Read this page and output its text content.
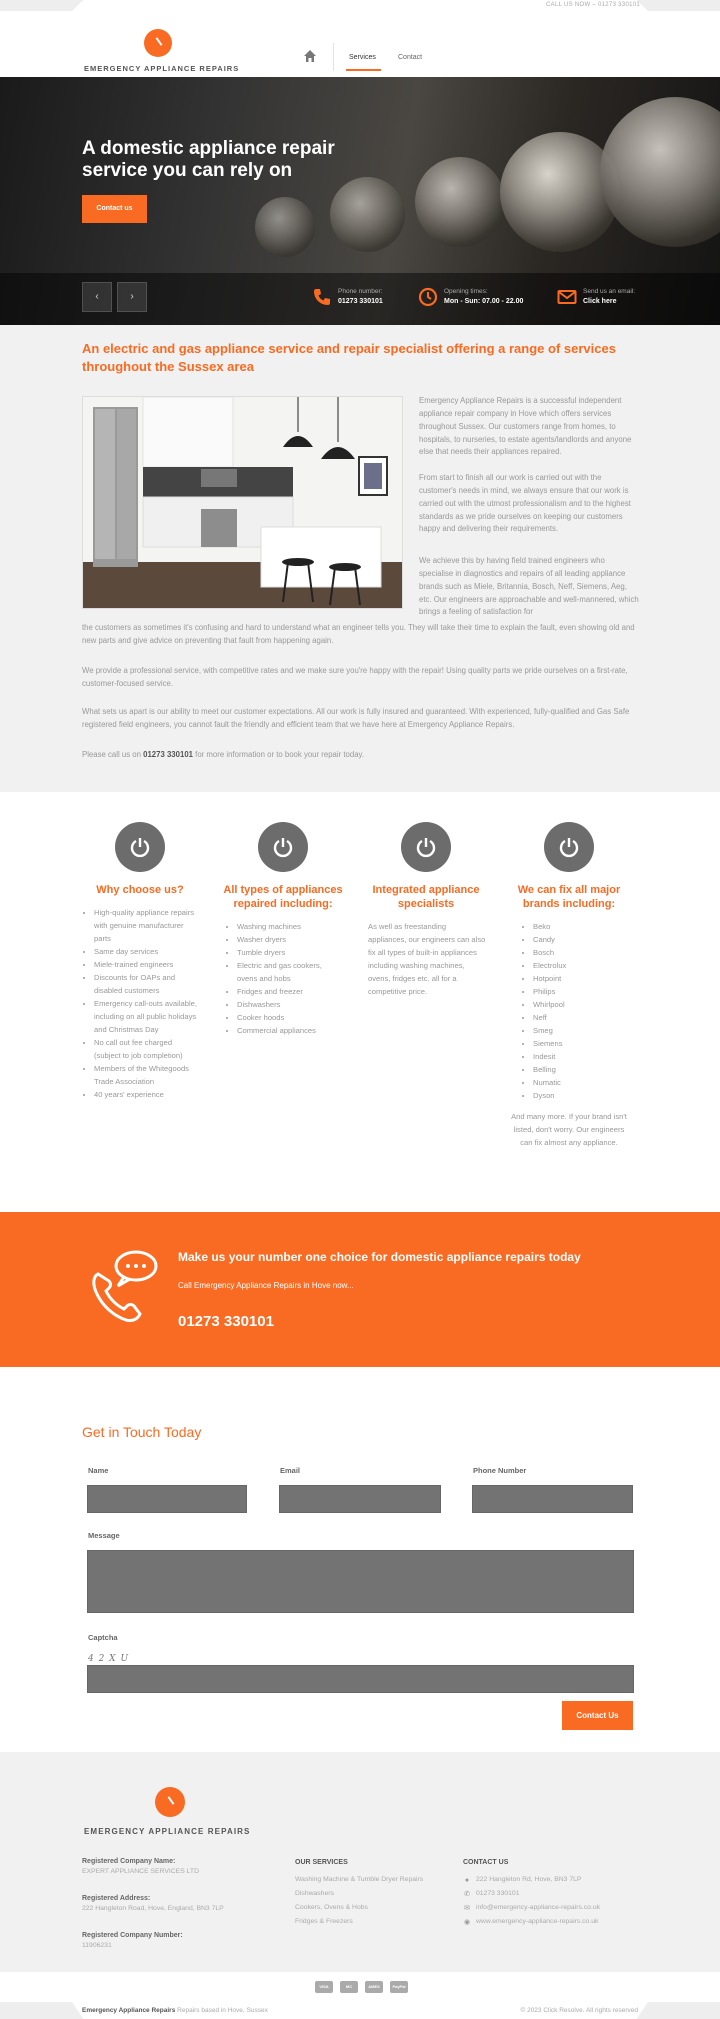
CALL US NOW – 01273 330101
EMERGENCY APPLIANCE REPAIRS
Services	Contact
A domestic appliance repair service you can rely on
Contact us
‹	›	Phone number:
01273 330101
Opening times:
Mon - Sun: 07.00 - 22.00
Send us an email:
Click here
An electric and gas appliance service and repair specialist offering a range of services throughout the Sussex area
Emergency Appliance Repairs is a successful independent appliance repair company in Hove which offers services throughout Sussex. Our customers range from homes, to hospitals, to nurseries, to estate agents/landlords and anyone else that needs their appliances repaired.
From start to finish all our work is carried out with the customer's needs in mind, we always ensure that our work is carried out with the utmost professionalism and to the highest standards as we pride ourselves on keeping our customers happy and delivering their requirements.
We achieve this by having field trained engineers who specialise in diagnostics and repairs of all leading appliance brands such as Miele, Britannia, Bosch, Neff, Siemens, Aeg, etc. Our engineers are approachable and well-mannered, which brings a feeling of satisfaction for
the customers as sometimes it's confusing and hard to understand what an engineer tells you. They will take their time to explain the fault, even showing old and new parts and give advice on preventing that fault from happening again.
We provide a professional service, with competitive rates and we make sure you're happy with the repair! Using quality parts we pride ourselves on a first-rate, customer-focused service.
What sets us apart is our ability to meet our customer expectations. All our work is fully insured and guaranteed. With experienced, fully-qualified and Gas Safe registered field engineers, you cannot fault the friendly and efficient team that we have here at Emergency Appliance Repairs.
Please call us on 01273 330101 for more information or to book your repair today.
Why choose us?
• High-quality appliance repairs with genuine manufacturer parts
• Same day services
• Miele-trained engineers
• Discounts for OAPs and disabled customers
• Emergency call-outs available, including on all public holidays and Christmas Day
• No call out fee charged (subject to job completion)
• Members of the Whitegoods Trade Association
• 40 years' experience
All types of appliances repaired including:
• Washing machines
• Washer dryers
• Tumble dryers
• Electric and gas cookers, ovens and hobs
• Fridges and freezer
• Dishwashers
• Cooker hoods
• Commercial appliances
Integrated appliance specialists

As well as freestanding appliances, our engineers can also fix all types of built-in appliances including washing machines, ovens, fridges etc. all for a competitive price.

We can fix all major brands including:
• Beko
• Candy
• Bosch
• Electrolux
• Hotpoint
• Philips
• Whirlpool
• Neff
• Smeg
• Siemens
• Indesit
• Belling
• Numatic
• Dyson

And many more. If your brand isn't listed, don't worry. Our engineers can fix almost any appliance.

Make us your number one choice for domestic appliance repairs today
Call Emergency Appliance Repairs in Hove now...
01273 330101
Get in Touch Today
Name	Email	Phone Number
Message
Captcha
4 2 X U
Contact Us
EMERGENCY APPLIANCE REPAIRS
Registered Company Name:
EXPERT APPLIANCE SERVICES LTD
Registered Address:
222 Hangleton Road, Hove, England, BN3 7LP
Registered Company Number:
11906231
OUR SERVICES
Washing Machine & Tumble Dryer Repairs
Dishwashers
Cookers, Ovens & Hobs
Fridges & Freezers
CONTACT US
● 222 Hangleton Rd, Hove, BN3 7LP
✆ 01273 330101
✉ info@emergency-appliance-repairs.co.uk
◉ www.emergency-appliance-repairs.co.uk
VISA	MC	AMEX	PayPal
Emergency Appliance Repairs Repairs based in Hove, Sussex	© 2023 Click Resolve. All rights reserved
